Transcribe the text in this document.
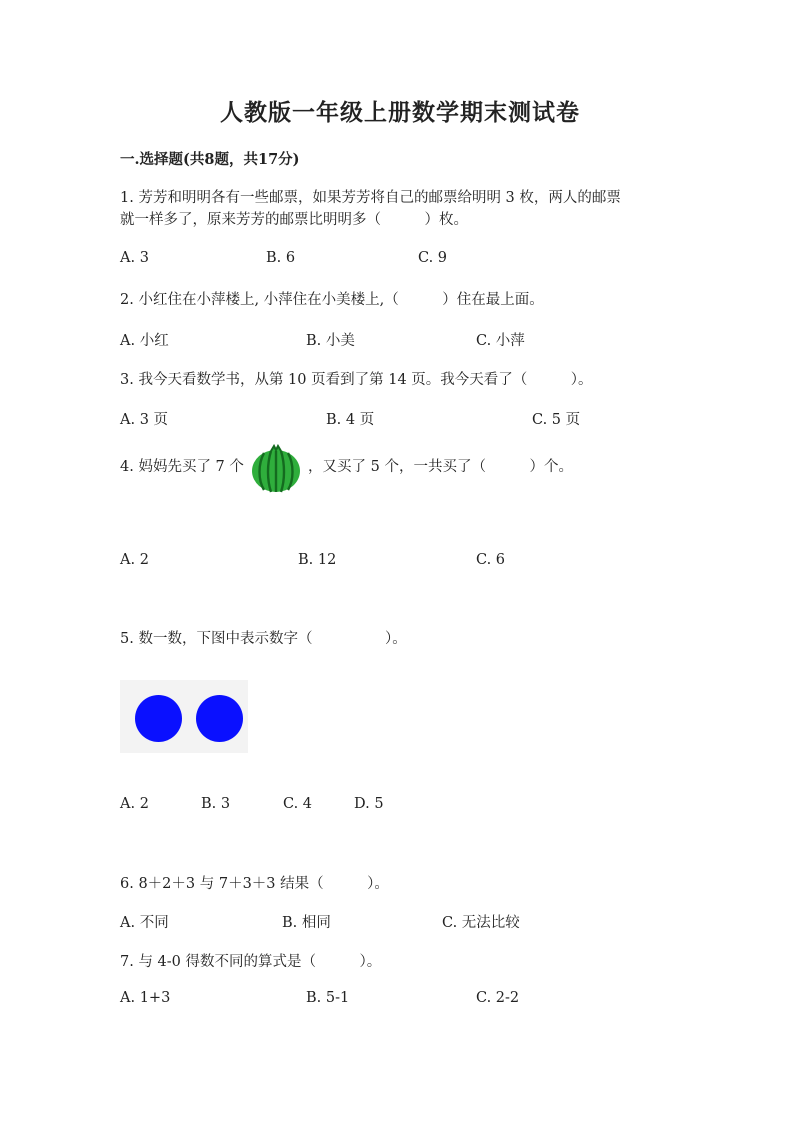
人教版一年级上册数学期末测试卷
一.选择题(共8题，共17分)
1. 芳芳和明明各有一些邮票，如果芳芳将自己的邮票给明明 3 枚，两人的邮票
就一样多了，原来芳芳的邮票比明明多（　　　）枚。
A. 3	B. 6	C. 9
2. 小红住在小萍楼上, 小萍住在小美楼上,（　　　）住在最上面。
A. 小红	B. 小美	C. 小萍
3. 我今天看数学书，从第 10 页看到了第 14 页。我今天看了（　　　）。
A. 3 页	B. 4 页	C. 5 页
4. 妈妈先买了 7 个	，又买了 5 个，一共买了（　　　）个。
A. 2	B. 12	C. 6
5. 数一数，下图中表示数字（　　　　　）。
A. 2	B. 3	C. 4	D. 5
6. 8＋2＋3 与 7＋3＋3 结果（　　　）。
A. 不同	B. 相同	C. 无法比较
7. 与 4-0 得数不同的算式是（　　　）。
A. 1+3	B. 5-1	C. 2-2
